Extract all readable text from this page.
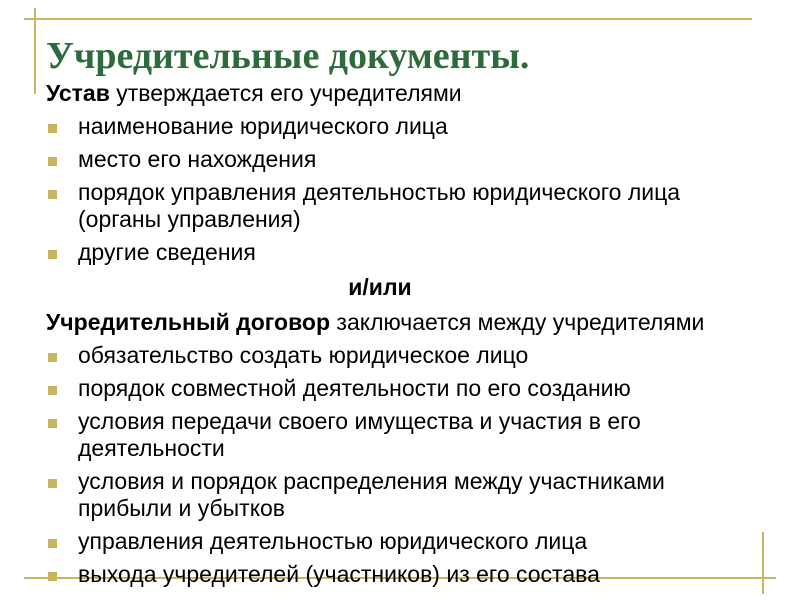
Учредительные документы.
Устав утверждается его учредителями
наименование юридического лица
место его нахождения
порядок управления деятельностью юридического лица (органы управления)
другие сведения
и/или
Учредительный договор заключается между учредителями
обязательство создать юридическое лицо
порядок совместной деятельности по его созданию
условия передачи своего имущества и участия в его деятельности
условия и порядок распределения между участниками прибыли и убытков
управления деятельностью юридического лица
выхода учредителей (участников) из его состава
